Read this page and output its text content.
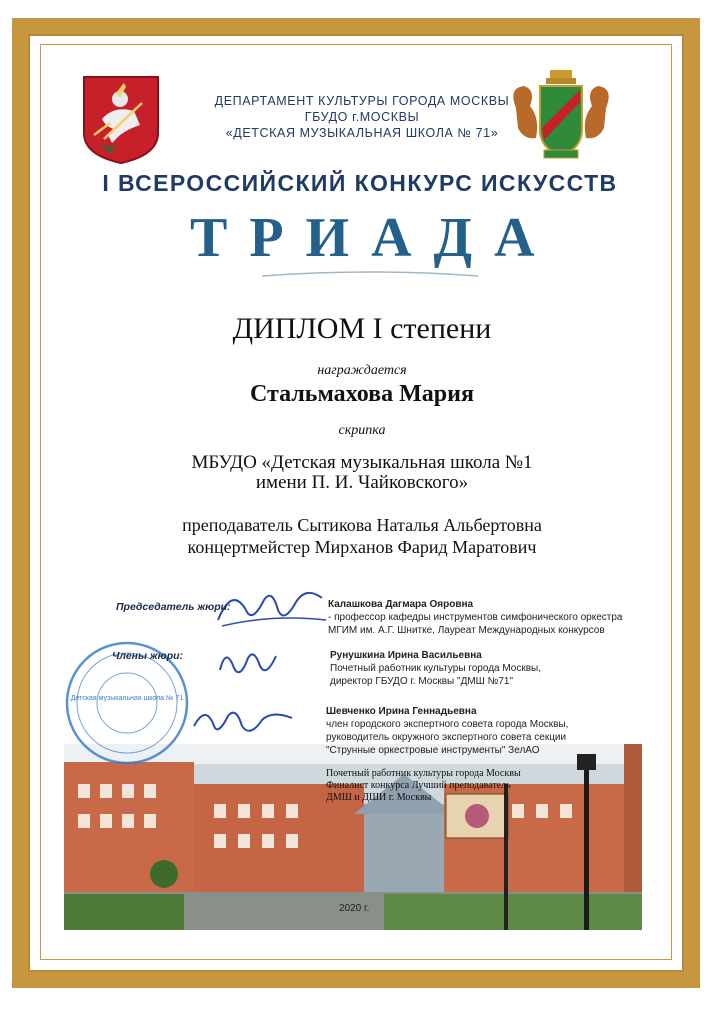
ДЕПАРТАМЕНТ КУЛЬТУРЫ ГОРОДА МОСКВЫ
ГБУДО г.МОСКВЫ
«ДЕТСКАЯ МУЗЫКАЛЬНАЯ ШКОЛА № 71»
I ВСЕРОССИЙСКИЙ КОНКУРС ИСКУССТВ
ТРИАДА
ДИПЛОМ I степени
награждается
Стальмахова Мария
скрипка
МБУДО «Детская музыкальная школа №1
имени П. И. Чайковского»
преподаватель Сытикова Наталья Альбертовна
концертмейстер Мирханов Фарид Маратович
Детская музыкальная школа № 71
Председатель жюри:
Члены жюри:
Калашкова Дагмара Ояровна
- профессор кафедры инструментов симфонического оркестра
МГИМ им. А.Г. Шнитке, Лауреат Международных конкурсов
Рунушкина Ирина Васильевна
Почетный работник культуры города Москвы,
директор ГБУДО г. Москвы "ДМШ №71"
Шевченко Ирина Геннадьевна
член городского экспертного совета города Москвы,
руководитель окружного экспертного совета секции
"Струнные оркестровые инструменты" ЗелАО
Почетный работник культуры города Москвы
Финалист конкурса Лучший преподаватель
ДМШ и ДШИ г. Москвы
2020 г.
